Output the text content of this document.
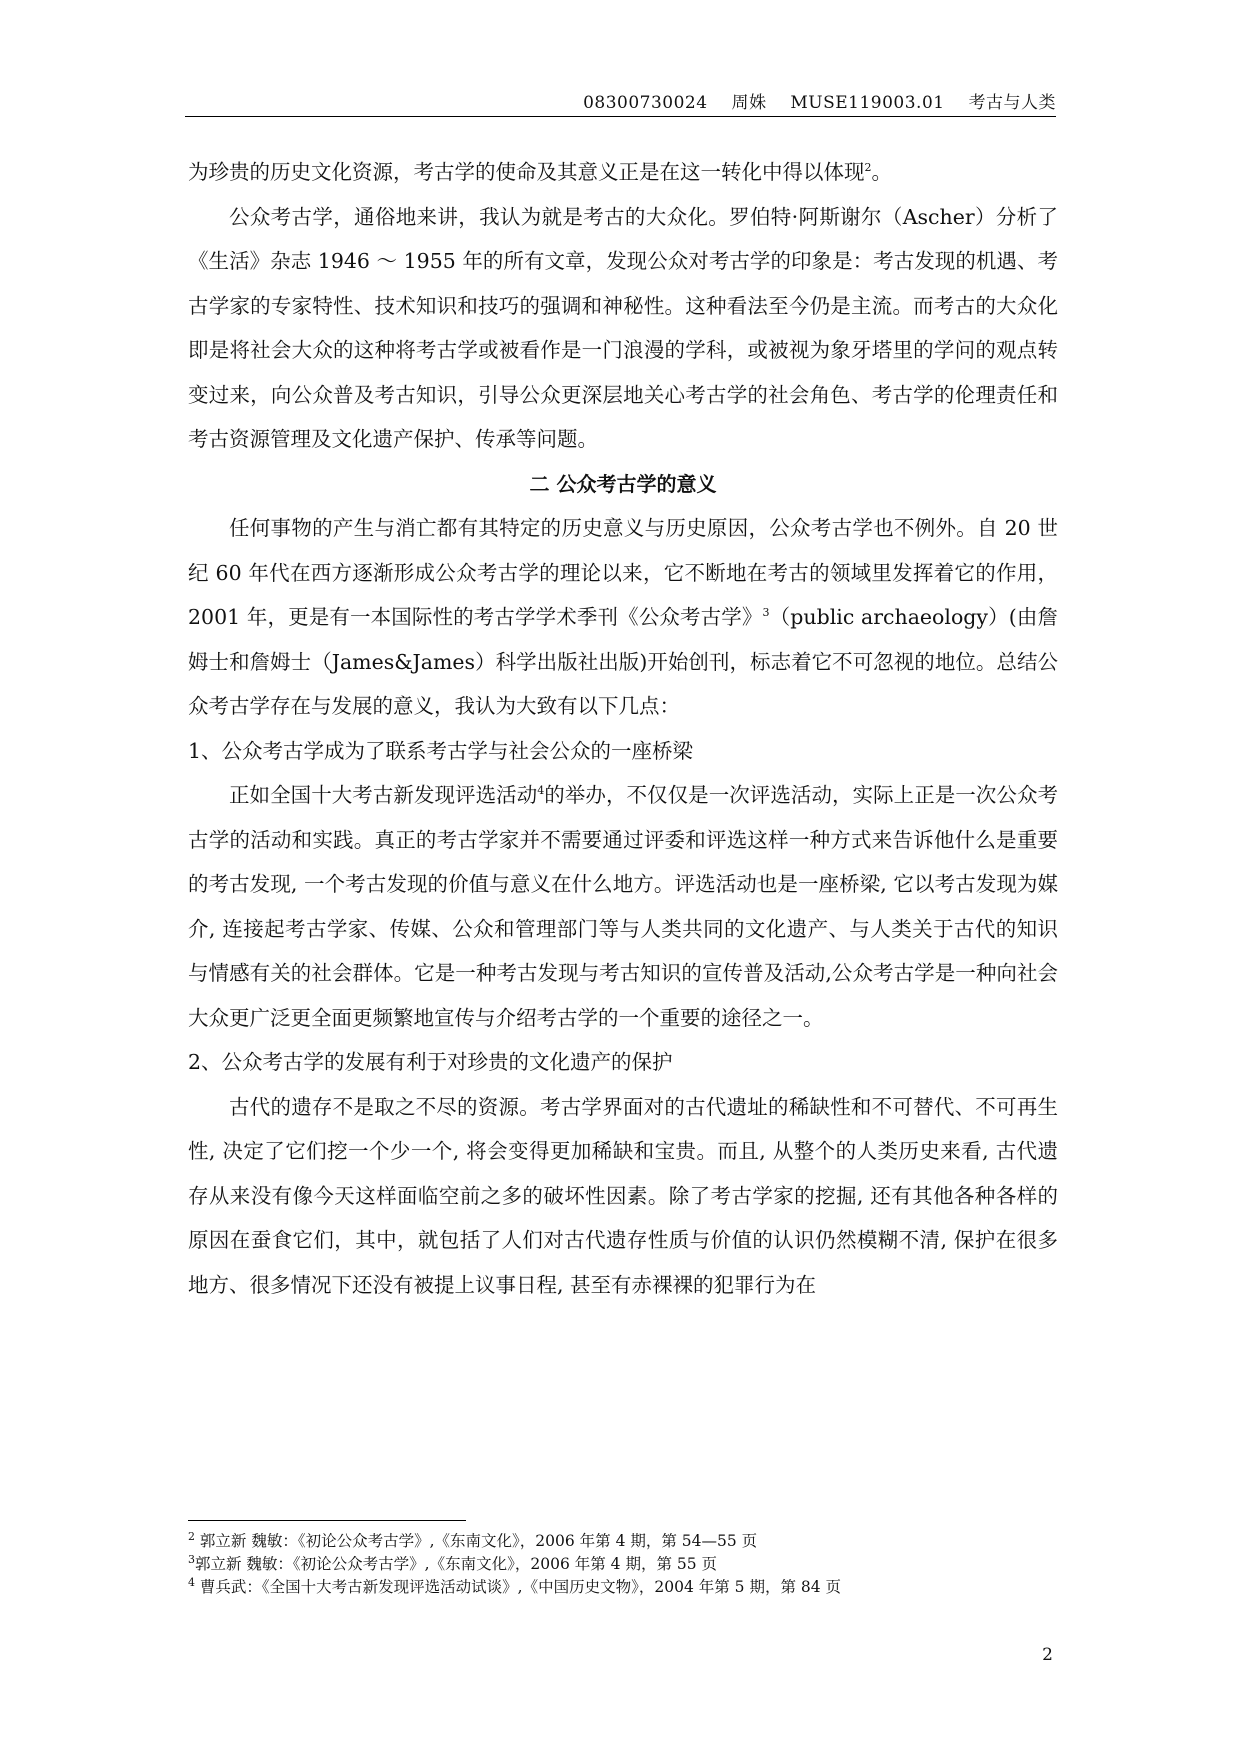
08300730024 周姝 MUSE119003.01 考古与人类

为珍贵的历史文化资源，考古学的使命及其意义正是在这一转化中得以体现$^2$。

公众考古学，通俗地来讲，我认为就是考古的大众化。罗伯特·阿斯谢尔（Ascher）分析了《生活》杂志 1946 ～ 1955 年的所有文章，发现公众对考古学的印象是：考古发现的机遇、考古学家的专家特性、技术知识和技巧的强调和神秘性。这种看法至今仍是主流。而考古的大众化即是将社会大众的这种将考古学或被看作是一门浪漫的学科，或被视为象牙塔里的学问的观点转变过来，向公众普及考古知识，引导公众更深层地关心考古学的社会角色、考古学的伦理责任和考古资源管理及文化遗产保护、传承等问题。

二 公众考古学的意义

任何事物的产生与消亡都有其特定的历史意义与历史原因，公众考古学也不例外。自 20 世纪 60 年代在西方逐渐形成公众考古学的理论以来，它不断地在考古的领域里发挥着它的作用，2001 年，更是有一本国际性的考古学学术季刊《公众考古学》$^3$（public archaeology）(由詹姆士和詹姆士（James&James）科学出版社出版)开始创刊，标志着它不可忽视的地位。总结公众考古学存在与发展的意义，我认为大致有以下几点：

1、公众考古学成为了联系考古学与社会公众的一座桥梁

正如全国十大考古新发现评选活动$^4$的举办，不仅仅是一次评选活动，实际上正是一次公众考古学的活动和实践。真正的考古学家并不需要通过评委和评选这样一种方式来告诉他什么是重要的考古发现, 一个考古发现的价值与意义在什么地方。评选活动也是一座桥梁, 它以考古发现为媒介, 连接起考古学家、传媒、公众和管理部门等与人类共同的文化遗产、与人类关于古代的知识与情感有关的社会群体。它是一种考古发现与考古知识的宣传普及活动,公众考古学是一种向社会大众更广泛更全面更频繁地宣传与介绍考古学的一个重要的途径之一。

2、公众考古学的发展有利于对珍贵的文化遗产的保护

古代的遗存不是取之不尽的资源。考古学界面对的古代遗址的稀缺性和不可替代、不可再生性, 决定了它们挖一个少一个, 将会变得更加稀缺和宝贵。而且, 从整个的人类历史来看, 古代遗存从来没有像今天这样面临空前之多的破坏性因素。除了考古学家的挖掘, 还有其他各种各样的原因在蚕食它们，其中，就包括了人们对古代遗存性质与价值的认识仍然模糊不清, 保护在很多地方、很多情况下还没有被提上议事日程, 甚至有赤裸裸的犯罪行为在

$^2$ 郭立新 魏敏：《初论公众考古学》,《东南文化》，2006 年第 4 期，第 54—55 页

$^3$郭立新 魏敏：《初论公众考古学》,《东南文化》，2006 年第 4 期，第 55 页

$^4$ 曹兵武：《全国十大考古新发现评选活动试谈》,《中国历史文物》，2004 年第 5 期，第 84 页

2
